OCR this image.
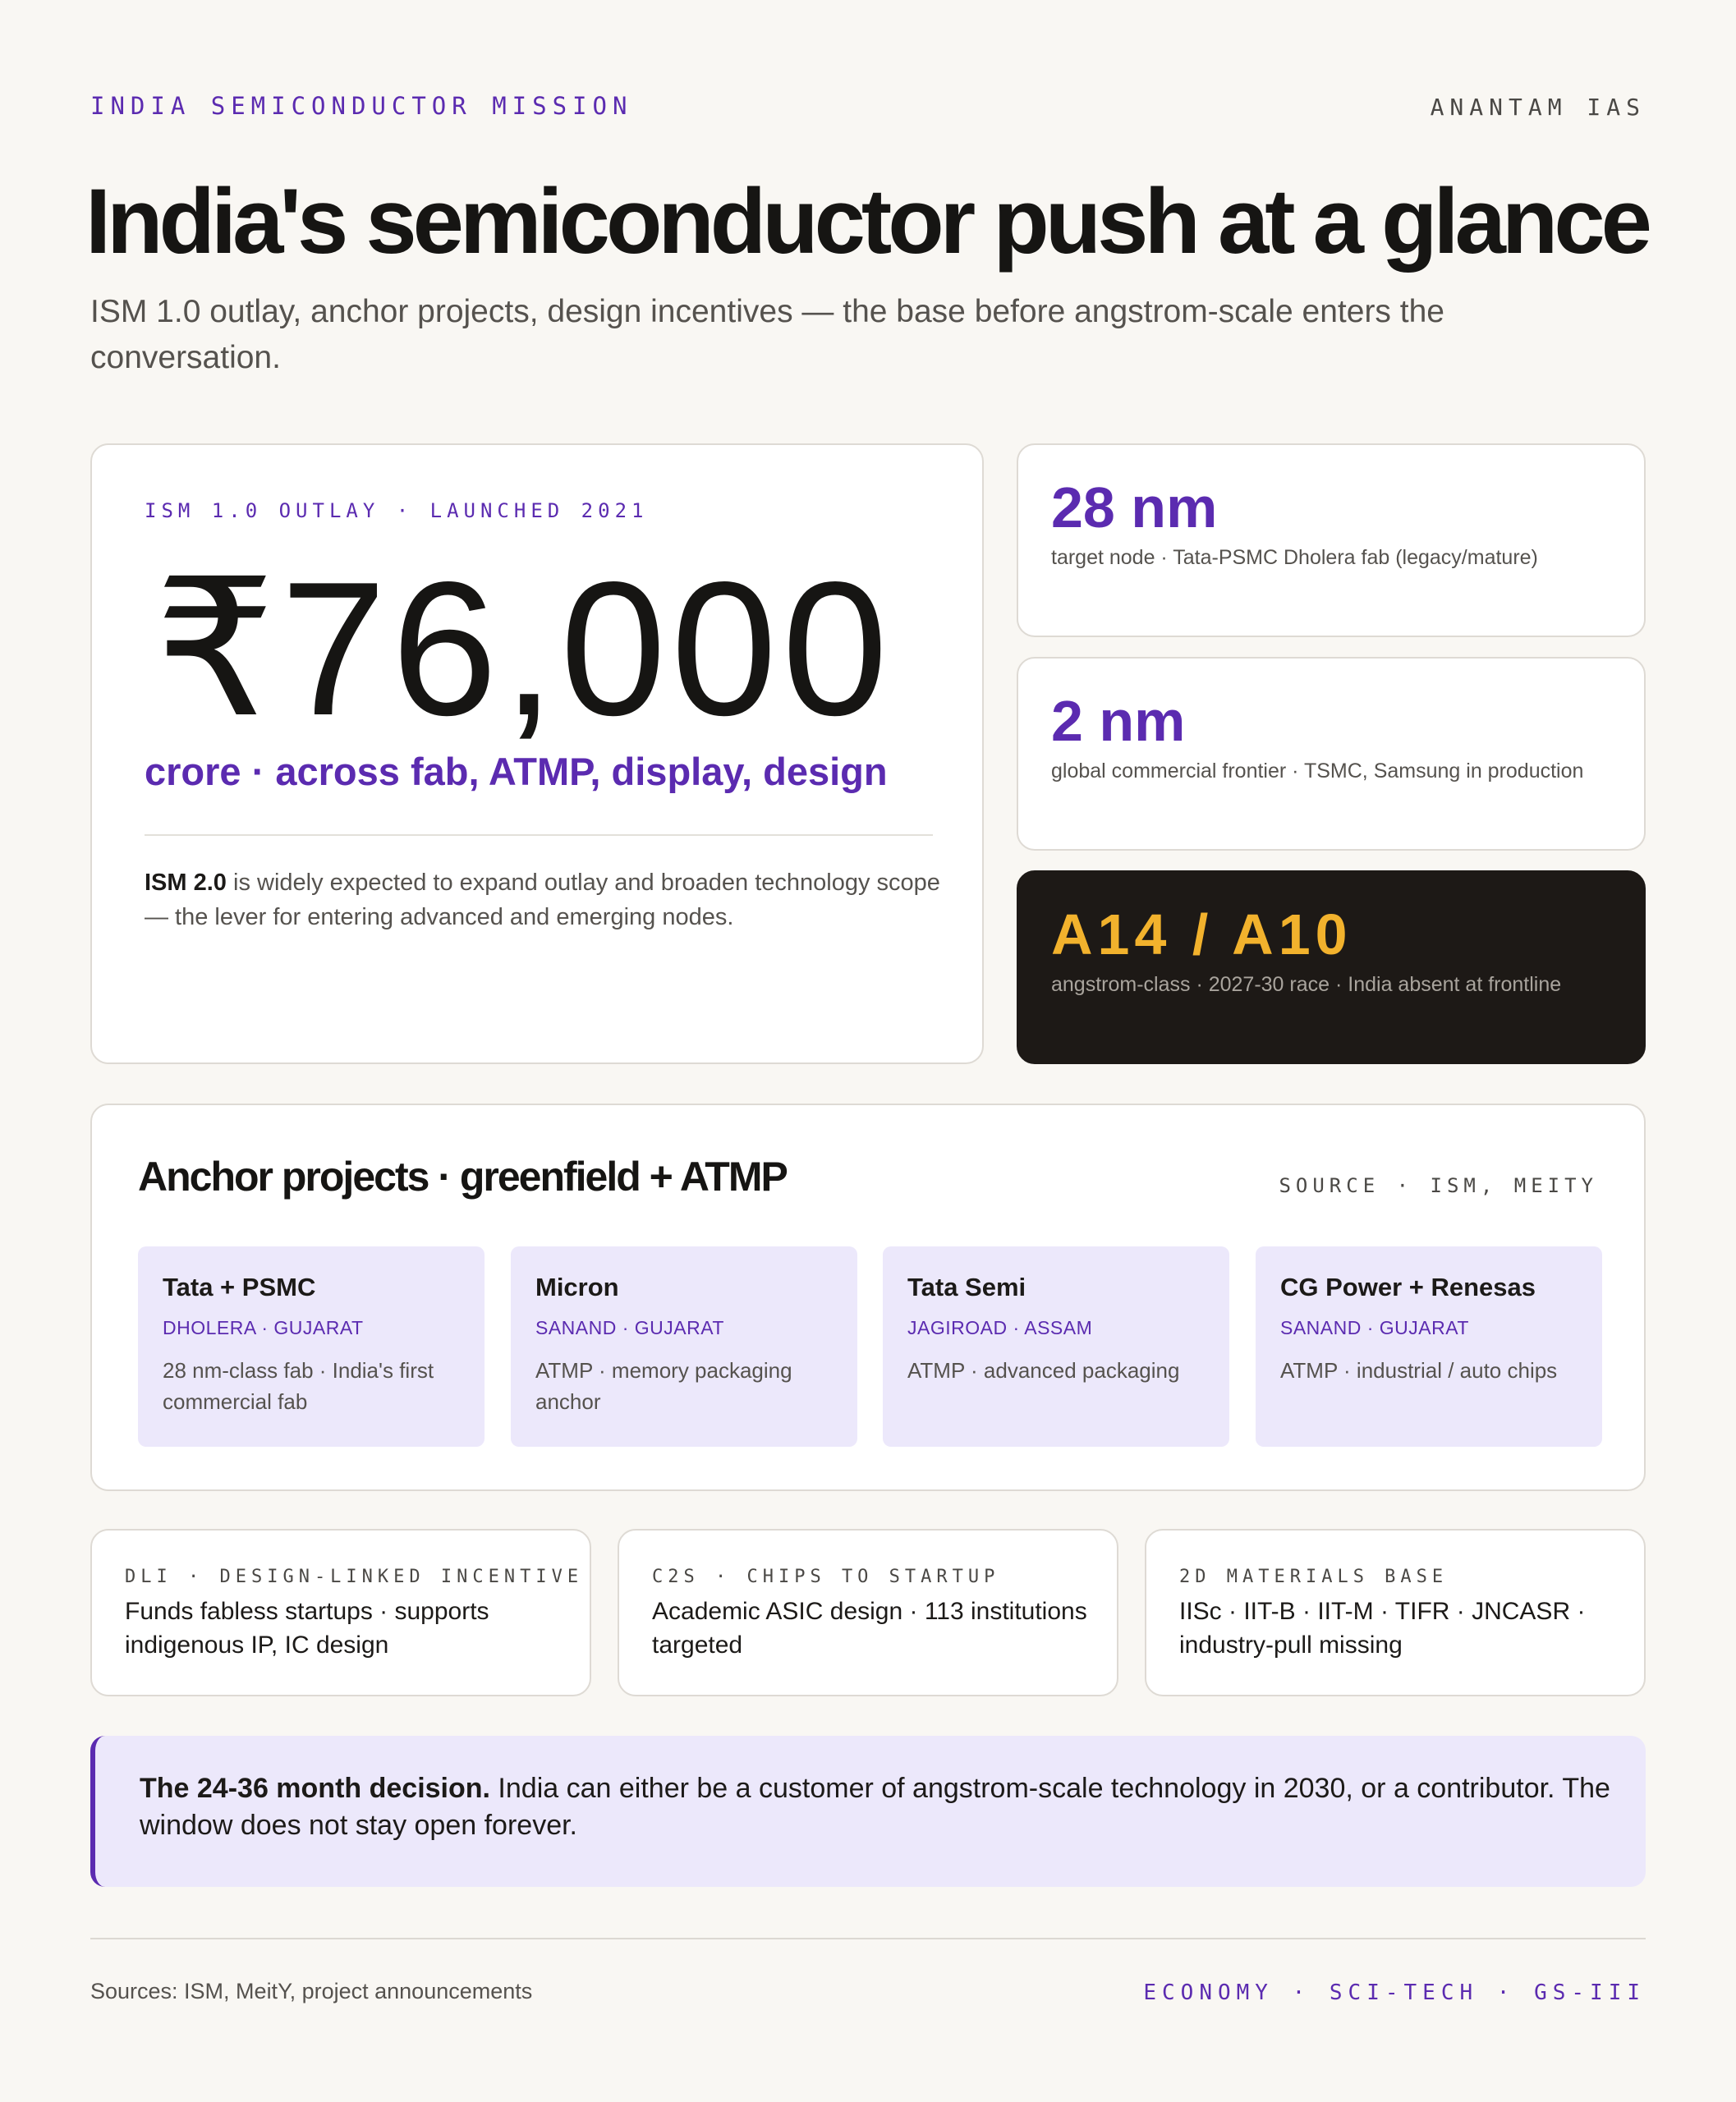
INDIA SEMICONDUCTOR MISSION	ANANTAM IAS
India's semiconductor push at a glance

ISM 1.0 outlay, anchor projects, design incentives — the base before angstrom-scale enters the conversation.

ISM 1.0 OUTLAY · LAUNCHED 2021
₹76,000
crore · across fab, ATMP, display, design

ISM 2.0 is widely expected to expand outlay and broaden technology scope — the lever for entering advanced and emerging nodes.

28 nm
target node · Tata-PSMC Dholera fab (legacy/mature)
2 nm
global commercial frontier · TSMC, Samsung in production
A14 / A10
angstrom-class · 2027-30 race · India absent at frontline
Anchor projects · greenfield + ATMP	SOURCE · ISM, MEITY
Tata + PSMC
DHOLERA · GUJARAT
28 nm-class fab · India's first commercial fab
Micron
SANAND · GUJARAT
ATMP · memory packaging anchor
Tata Semi
JAGIROAD · ASSAM
ATMP · advanced packaging
CG Power + Renesas
SANAND · GUJARAT
ATMP · industrial / auto chips
DLI · DESIGN-LINKED INCENTIVE
Funds fabless startups · supports indigenous IP, IC design
C2S · CHIPS TO STARTUP
Academic ASIC design · 113 institutions targeted
2D MATERIALS BASE
IISc · IIT-B · IIT-M · TIFR · JNCASR · industry-pull missing

The 24-36 month decision. India can either be a customer of angstrom-scale technology in 2030, or a contributor. The window does not stay open forever.

Sources: ISM, MeitY, project announcements	ECONOMY · SCI-TECH · GS-III
